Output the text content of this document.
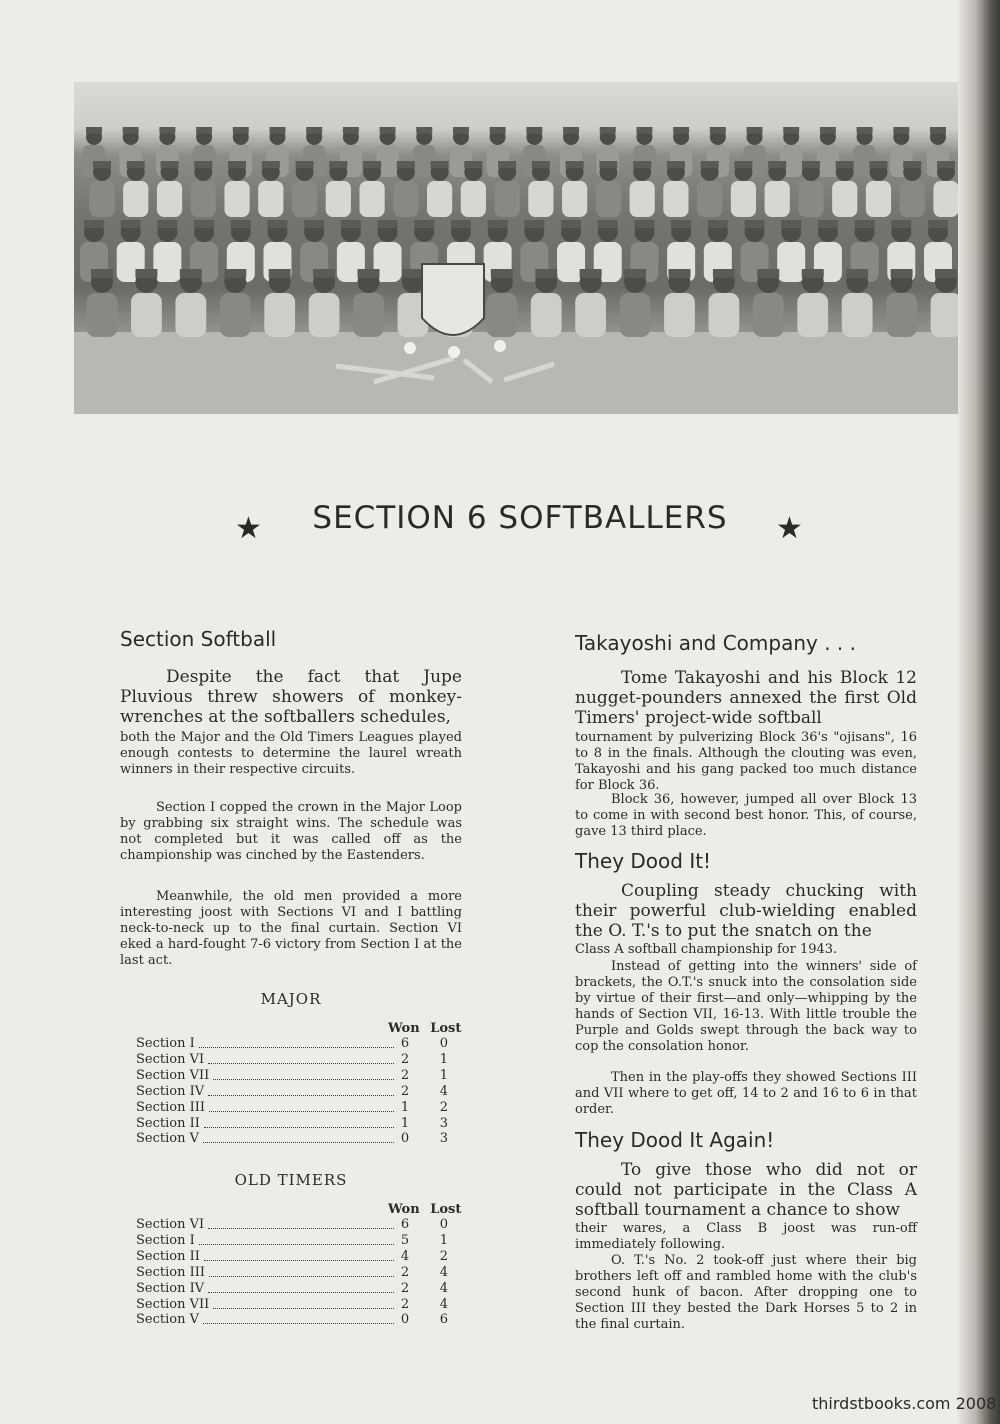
★	SECTION 6 SOFTBALLERS	★
Section Softball

Despite the fact that Jupe Pluvious threw showers of monkey-wrenches at the softballers schedules,

both the Major and the Old Timers Leagues played enough contests to determine the laurel wreath winners in their respective circuits.

Section I copped the crown in the Major Loop by grabbing six straight wins. The schedule was not completed but it was called off as the championship was cinched by the Eastenders.

Meanwhile, the old men provided a more interesting joost with Sections VI and I battling neck-to-neck up to the final curtain. Section VI eked a hard-fought 7-6 victory from Section I at the last act.

MAJOR
Won Lost
Section I	6	0
Section VI	2	1
Section VII	2	1
Section IV	2	4
Section III	1	2
Section II	1	3
Section V	0	3
OLD TIMERS
Won Lost
Section VI	6	0
Section I	5	1
Section II	4	2
Section III	2	4
Section IV	2	4
Section VII	2	4
Section V	0	6
Takayoshi and Company . . .

Tome Takayoshi and his Block 12 nugget-pounders annexed the first Old Timers' project-wide softball

tournament by pulverizing Block 36's "ojisans", 16 to 8 in the finals. Although the clouting was even, Takayoshi and his gang packed too much distance for Block 36.

Block 36, however, jumped all over Block 13 to come in with second best honor. This, of course, gave 13 third place.

They Dood It!

Coupling steady chucking with their powerful club-wielding enabled the O. T.'s to put the snatch on the

Class A softball championship for 1943.

Instead of getting into the winners' side of brackets, the O.T.'s snuck into the consolation side by virtue of their first—and only—whipping by the hands of Section VII, 16-13. With little trouble the Purple and Golds swept through the back way to cop the consolation honor.

Then in the play-offs they showed Sections III and VII where to get off, 14 to 2 and 16 to 6 in that order.

They Dood It Again!

To give those who did not or could not participate in the Class A softball tournament a chance to show

their wares, a Class B joost was run-off immediately following.

O. T.'s No. 2 took-off just where their big brothers left off and rambled home with the club's second hunk of bacon. After dropping one to Section III they bested the Dark Horses 5 to 2 in the final curtain.

thirdstbooks.com 2008
